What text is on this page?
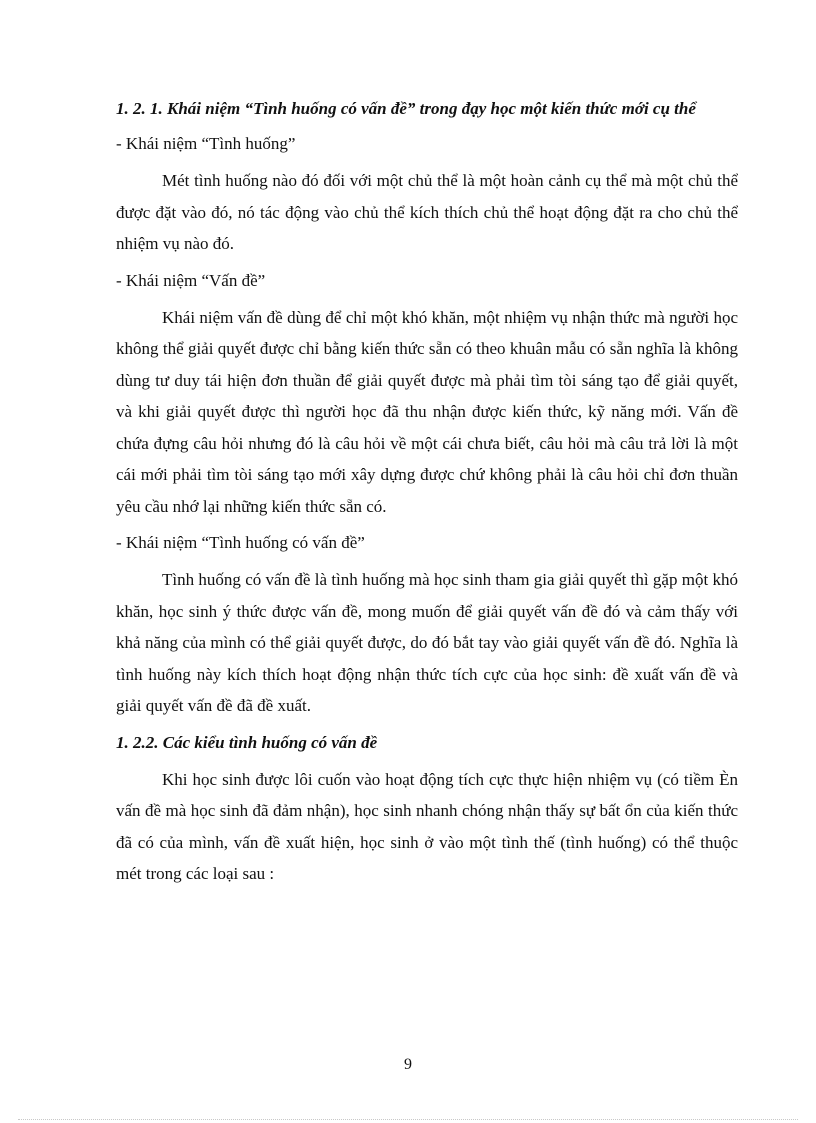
1. 2. 1. Khái niệm “Tình huống có vấn đề” trong đạy học một kiến thức mới cụ thể

- Khái niệm “Tình huống”

Mét tình huống nào đó đối với một chủ thể là một hoàn cảnh cụ thể mà một chủ thể được đặt vào đó, nó tác động vào chủ thể kích thích chủ thể hoạt động đặt ra cho chủ thể nhiệm vụ nào đó.

- Khái niệm “Vấn đề”

Khái niệm vấn đề dùng để chỉ một khó khăn, một nhiệm vụ nhận thức mà người học không thể giải quyết được chỉ bằng kiến thức sẵn có theo khuân mẫu có sẵn nghĩa là không dùng tư duy tái hiện đơn thuần để giải quyết được mà phải tìm tòi sáng tạo để giải quyết, và khi giải quyết được thì người học đã thu nhận được kiến thức, kỹ năng mới. Vấn đề chứa đựng câu hỏi nhưng đó là câu hỏi về một cái chưa biết, câu hỏi mà câu trả lời là một cái mới phải tìm tòi sáng tạo mới xây dựng được chứ không phải là câu hỏi chỉ đơn thuần yêu cầu nhớ lại những kiến thức sẵn có.

- Khái niệm “Tình huống có vấn đề”

Tình huống có vấn đề là tình huống mà học sinh tham gia giải quyết thì gặp một khó khăn, học sinh ý thức được vấn đề, mong muốn để giải quyết vấn đề đó và cảm thấy với khả năng của mình có thể giải quyết được, do đó bắt tay vào giải quyết vấn đề đó. Nghĩa là tình huống này kích thích hoạt động nhận thức tích cực của học sinh: đề xuất vấn đề và giải quyết vấn đề đã đề xuất.

1. 2.2. Các kiểu tình huống có vấn đề

Khi học sinh được lôi cuốn vào hoạt động tích cực thực hiện nhiệm vụ (có tiềm Èn vấn đề mà học sinh đã đảm nhận), học sinh nhanh chóng nhận thấy sự bất ổn của kiến thức đã có của mình, vấn đề xuất hiện, học sinh ở vào một tình thế (tình huống) có thể thuộc mét trong các loại sau :

9
